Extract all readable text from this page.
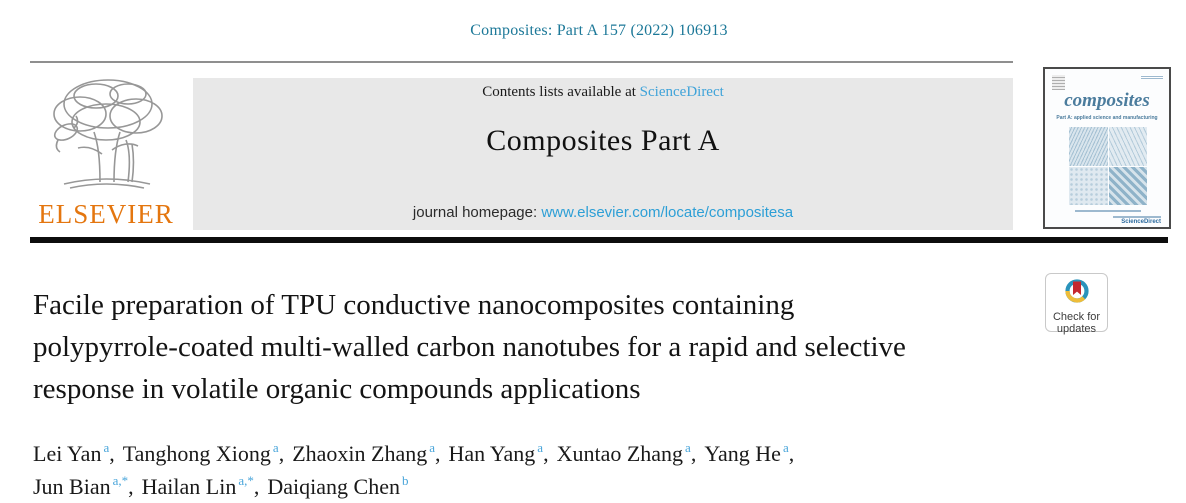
Composites: Part A 157 (2022) 106913
ELSEVIER
Contents lists available at ScienceDirect
Composites Part A
journal homepage: www.elsevier.com/locate/compositesa
composites
Part A: applied science and manufacturing
ScienceDirect
Check for
updates
Facile preparation of TPU conductive nanocomposites containing
polypyrrole-coated multi-walled carbon nanotubes for a rapid and selective
response in volatile organic compounds applications
Lei Yan $^a$, Tanghong Xiong $^a$, Zhaoxin Zhang $^a$, Han Yang $^a$, Xuntao Zhang $^a$, Yang He $^a$,
Jun Bian $^{a,*}$, Hailan Lin $^{a,*}$, Daiqiang Chen $^b$
